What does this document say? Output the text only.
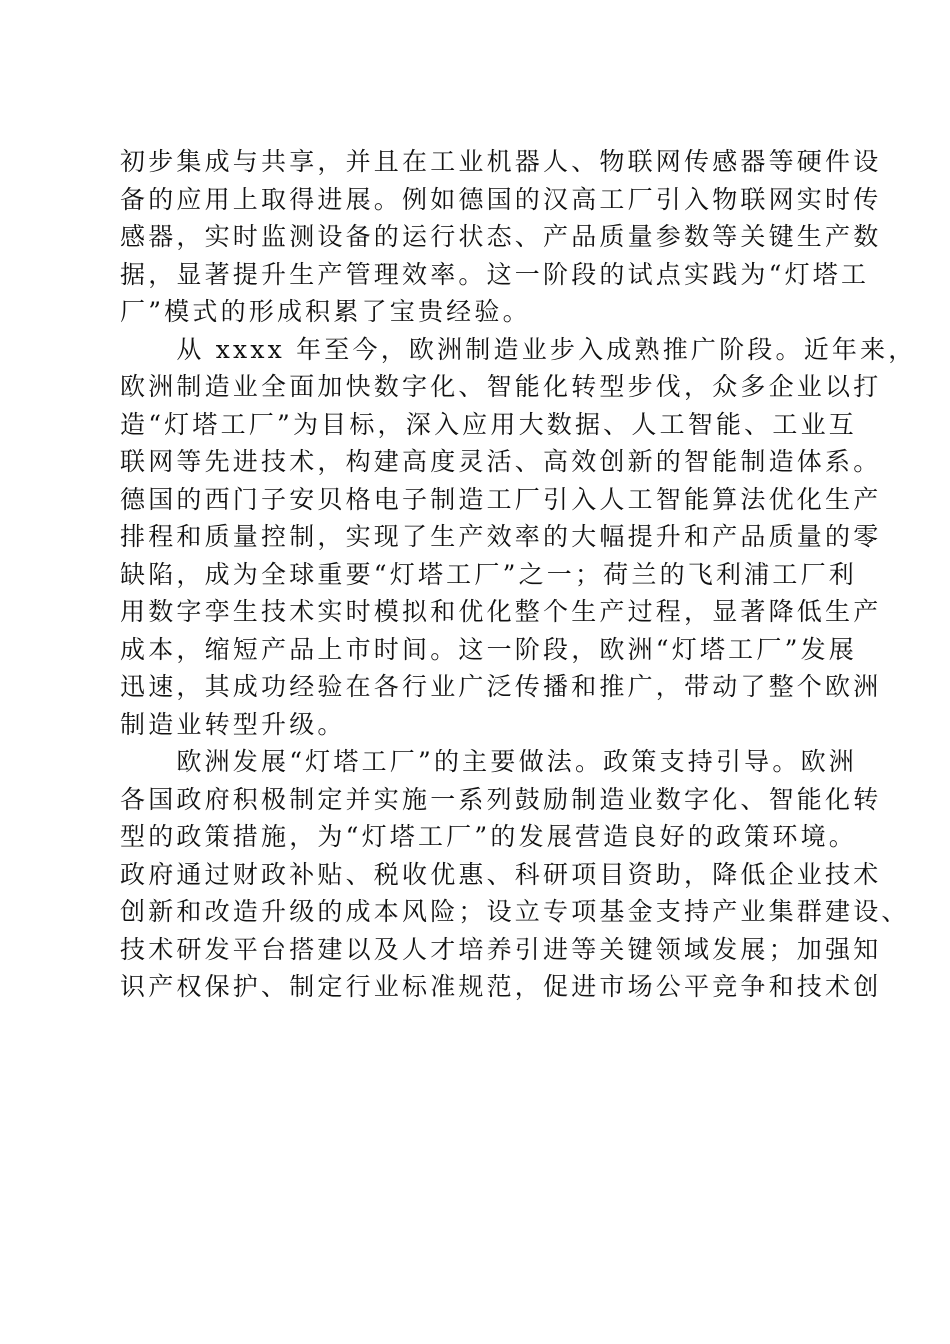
初步集成与共享，并且在工业机器人、物联网传感器等硬件设
备的应用上取得进展。例如德国的汉高工厂引入物联网实时传
感器，实时监测设备的运行状态、产品质量参数等关键生产数
据，显著提升生产管理效率。这一阶段的试点实践为“灯塔工
厂”模式的形成积累了宝贵经验。
　　从 xxxx 年至今，欧洲制造业步入成熟推广阶段。近年来，
欧洲制造业全面加快数字化、智能化转型步伐，众多企业以打
造“灯塔工厂”为目标，深入应用大数据、人工智能、工业互
联网等先进技术，构建高度灵活、高效创新的智能制造体系。
德国的西门子安贝格电子制造工厂引入人工智能算法优化生产
排程和质量控制，实现了生产效率的大幅提升和产品质量的零
缺陷，成为全球重要“灯塔工厂”之一；荷兰的飞利浦工厂利
用数字孪生技术实时模拟和优化整个生产过程，显著降低生产
成本，缩短产品上市时间。这一阶段，欧洲“灯塔工厂”发展
迅速，其成功经验在各行业广泛传播和推广，带动了整个欧洲
制造业转型升级。
　　欧洲发展“灯塔工厂”的主要做法。政策支持引导。欧洲
各国政府积极制定并实施一系列鼓励制造业数字化、智能化转
型的政策措施，为“灯塔工厂”的发展营造良好的政策环境。
政府通过财政补贴、税收优惠、科研项目资助，降低企业技术
创新和改造升级的成本风险；设立专项基金支持产业集群建设、
技术研发平台搭建以及人才培养引进等关键领域发展；加强知
识产权保护、制定行业标准规范，促进市场公平竞争和技术创
